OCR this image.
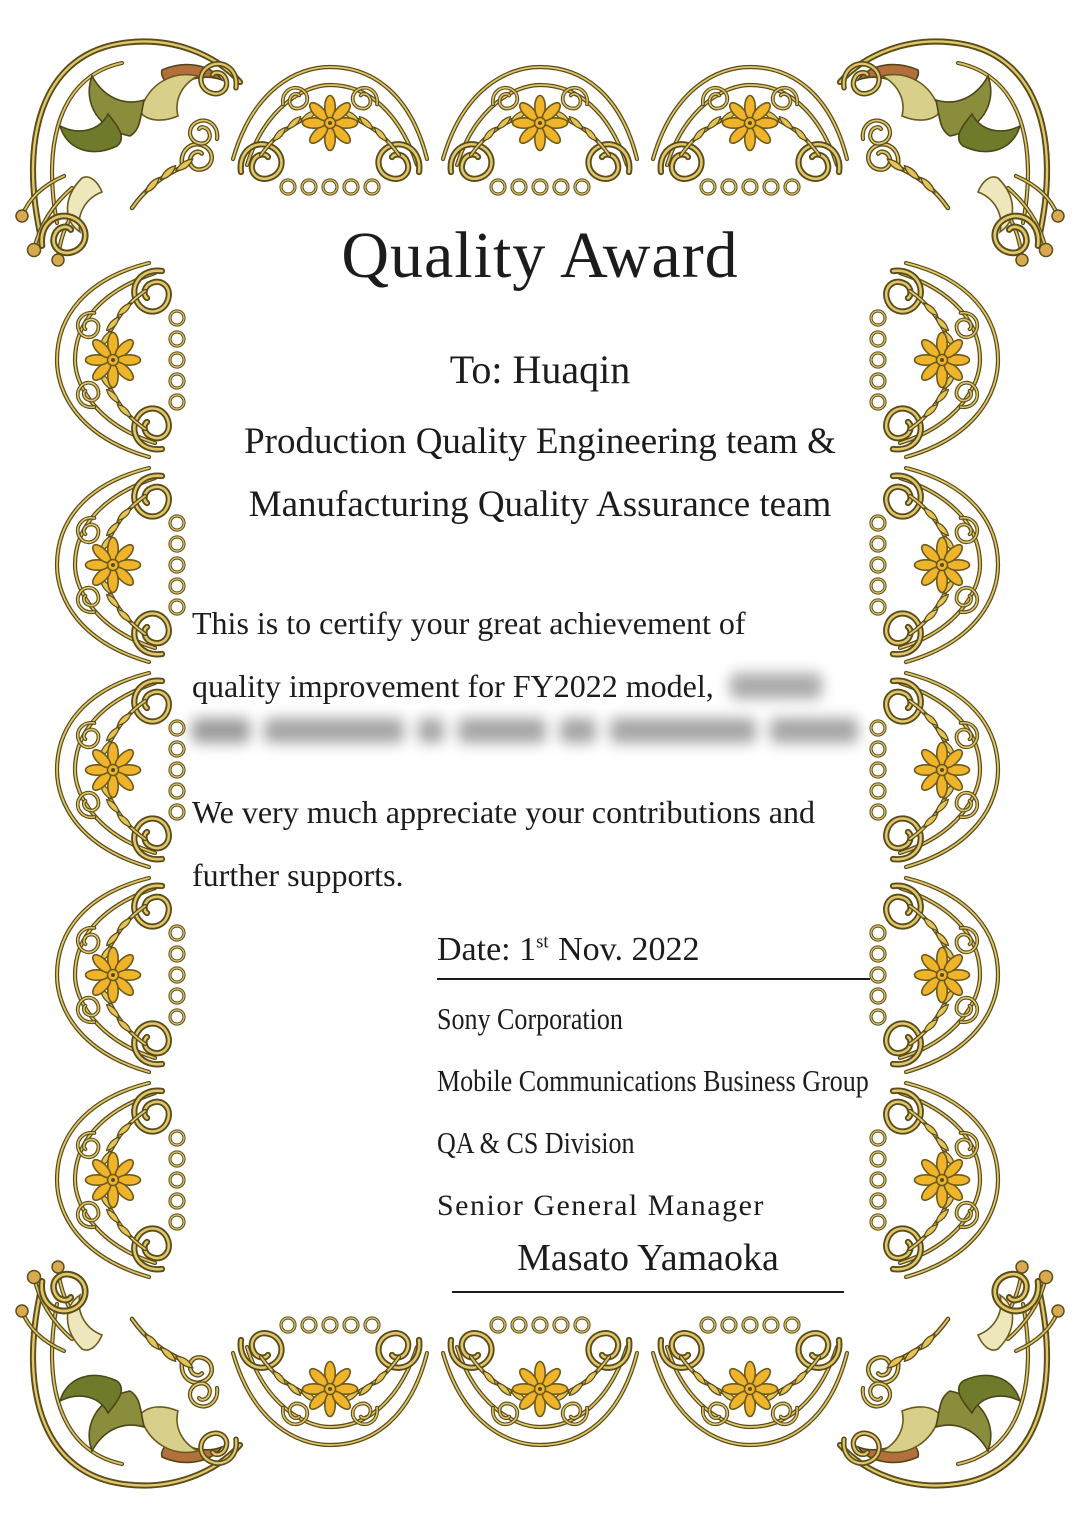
Quality Award
To: Huaqin
Production Quality Engineering team &
Manufacturing Quality Assurance team

This is to certify your great achievement of

quality improvement for FY2022 model,

We very much appreciate your contributions and

further supports.

Date: 1st Nov. 2022
Sony Corporation
Mobile Communications Business Group
QA & CS Division
Senior General Manager
Masato Yamaoka
